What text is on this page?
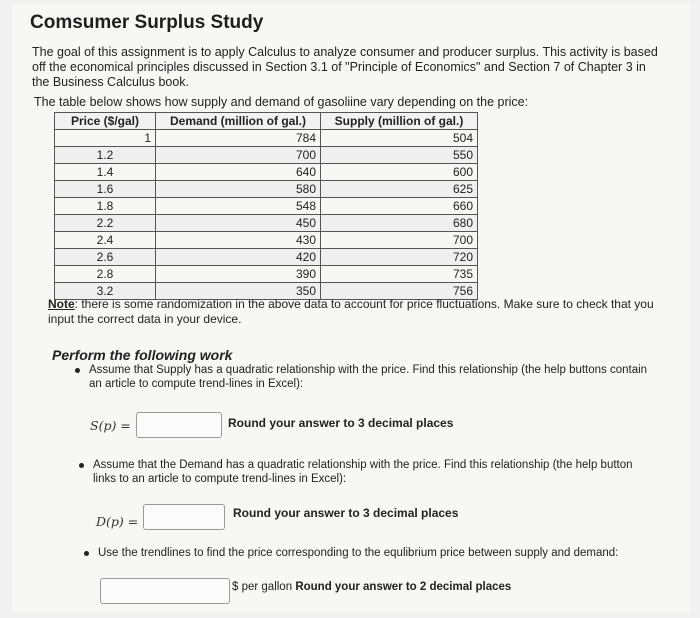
Comsumer Surplus Study
The goal of this assignment is to apply Calculus to analyze consumer and producer surplus. This activity is based off the economical principles discussed in Section 3.1 of "Principle of Economics" and Section 7 of Chapter 3 in the Business Calculus book.
The table below shows how supply and demand of gasoliine vary depending on the price:
Price ($/gal)	Demand (million of gal.)	Supply (million of gal.)
1	784	504
1.2	700	550
1.4	640	600
1.6	580	625
1.8	548	660
2.2	450	680
2.4	430	700
2.6	420	720
2.8	390	735
3.2	350	756
Note: there is some randomization in the above data to account for price fluctuations. Make sure to check that you input the correct data in your device.
Perform the following work
Assume that Supply has a quadratic relationship with the price. Find this relationship (the help buttons contain an article to compute trend-lines in Excel):
S(p) =	Round your answer to 3 decimal places
Assume that the Demand has a quadratic relationship with the price. Find this relationship (the help button links to an article to compute trend-lines in Excel):
D(p) =
Round your answer to 3 decimal places
Use the trendlines to find the price corresponding to the equlibrium price between supply and demand:
$ per gallon Round your answer to 2 decimal places
